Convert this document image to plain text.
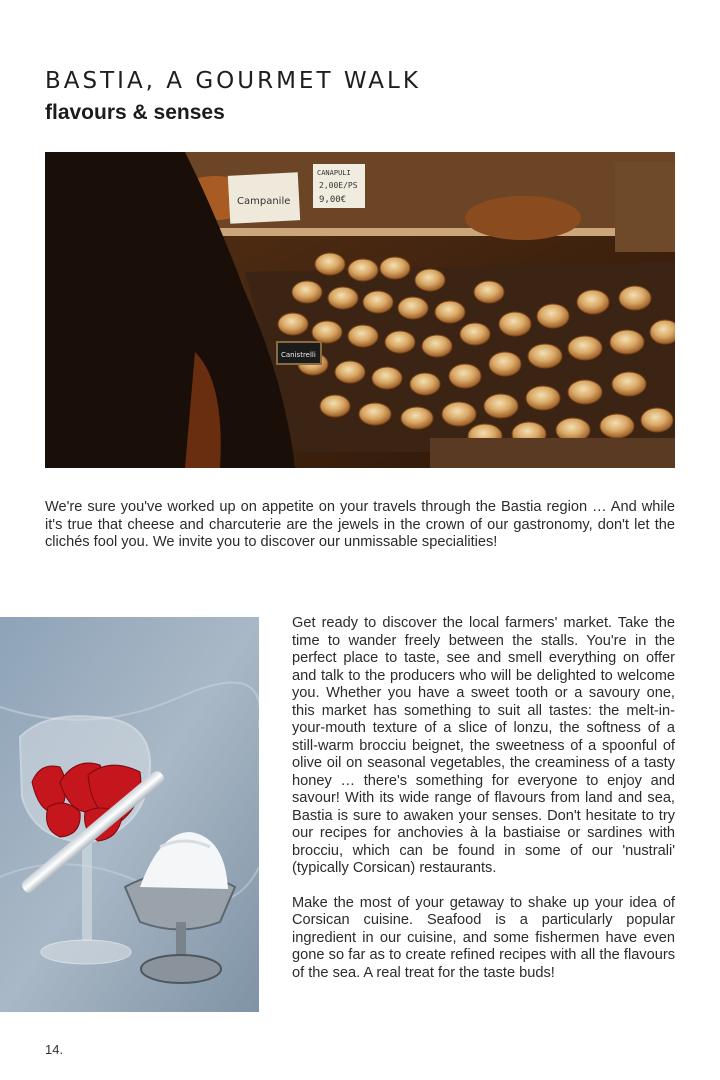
BASTIA, A GOURMET WALK
flavours & senses
Campanile
CANAPULI
2,00E/PS
9,00€
Canistrelli

We're sure you've worked up on appetite on your travels through the Bastia region … And while it's true that cheese and charcuterie are the jewels in the crown of our gastronomy, don't let the clichés fool you. We invite you to discover our unmissable specialities!

Get ready to discover the local farmers' market. Take the time to wander freely between the stalls. You're in the perfect place to taste, see and smell everything on offer and talk to the producers who will be delighted to welcome you. Whether you have a sweet tooth or a savoury one, this market has something to suit all tastes: the melt-in-your-mouth texture of a slice of lonzu, the softness of a still-warm brocciu beignet, the sweetness of a spoonful of olive oil on seasonal vegetables, the creaminess of a tasty honey … there's something for everyone to enjoy and savour! With its wide range of flavours from land and sea, Bastia is sure to awaken your senses. Don't hesitate to try our recipes for anchovies à la bastiaise or sardines with brocciu, which can be found in some of our 'nustrali' (typically Corsican) restaurants.

Make the most of your getaway to shake up your idea of Corsican cuisine. Seafood is a particularly popular ingredient in our cuisine, and some fishermen have even gone so far as to create refined recipes with all the flavours of the sea. A real treat for the taste buds!

14.
